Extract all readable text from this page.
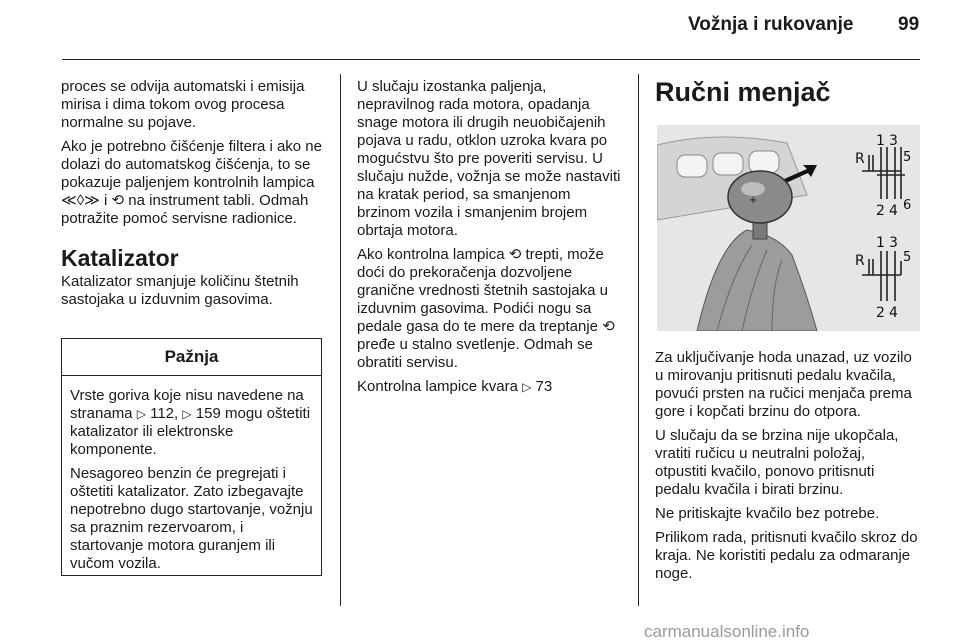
Vožnja i rukovanje 99

proces se odvija automatski i emisija mirisa i dima tokom ovog procesa normalne su pojave.

Ako je potrebno čišćenje filtera i ako ne dolazi do automatskog čišćenja, to se pokazuje paljenjem kontrolnih lampica ≪◊≫ i ⟲ na instrument tabli. Odmah potražite pomoć servisne radionice.

Katalizator

Katalizator smanjuje količinu štetnih sastojaka u izduvnim gasovima.

Pažnja

Vrste goriva koje nisu navedene na stranama ▷ 112, ▷ 159 mogu oštetiti katalizator ili elektronske komponente.

Nesagoreo benzin će pregrejati i oštetiti katalizator. Zato izbegavajte nepotrebno dugo startovanje, vožnju sa praznim rezervoarom, i startovanje motora guranjem ili vučom vozila.

U slučaju izostanka paljenja, nepravilnog rada motora, opadanja snage motora ili drugih neuobičajenih pojava u radu, otklon uzroka kvara po mogućstvu što pre poveriti servisu. U slučaju nužde, vožnja se može nastaviti na kratak period, sa smanjenom brzinom vozila i smanjenim brojem obrtaja motora.

Ako kontrolna lampica ⟲ trepti, može doći do prekoračenja dozvoljene granične vrednosti štetnih sastojaka u izduvnim gasovima. Podići nogu sa pedale gasa do te mere da treptanje ⟲ pređe u stalno svetlenje. Odmah se obratiti servisu.

Kontrolna lampice kvara ▷ 73

Ručni menjač
+
R
1 3
5
2 4 6
R
1 3
5
2 4

Za uključivanje hoda unazad, uz vozilo u mirovanju pritisnuti pedalu kvačila, povući prsten na ručici menjača prema gore i kopčati brzinu do otpora.

U slučaju da se brzina nije ukopčala, vratiti ručicu u neutralni položaj, otpustiti kvačilo, ponovo pritisnuti pedalu kvačila i birati brzinu.

Ne pritiskajte kvačilo bez potrebe.

Prilikom rada, pritisnuti kvačilo skroz do kraja. Ne koristiti pedalu za odmaranje noge.

carmanualsonline.info
